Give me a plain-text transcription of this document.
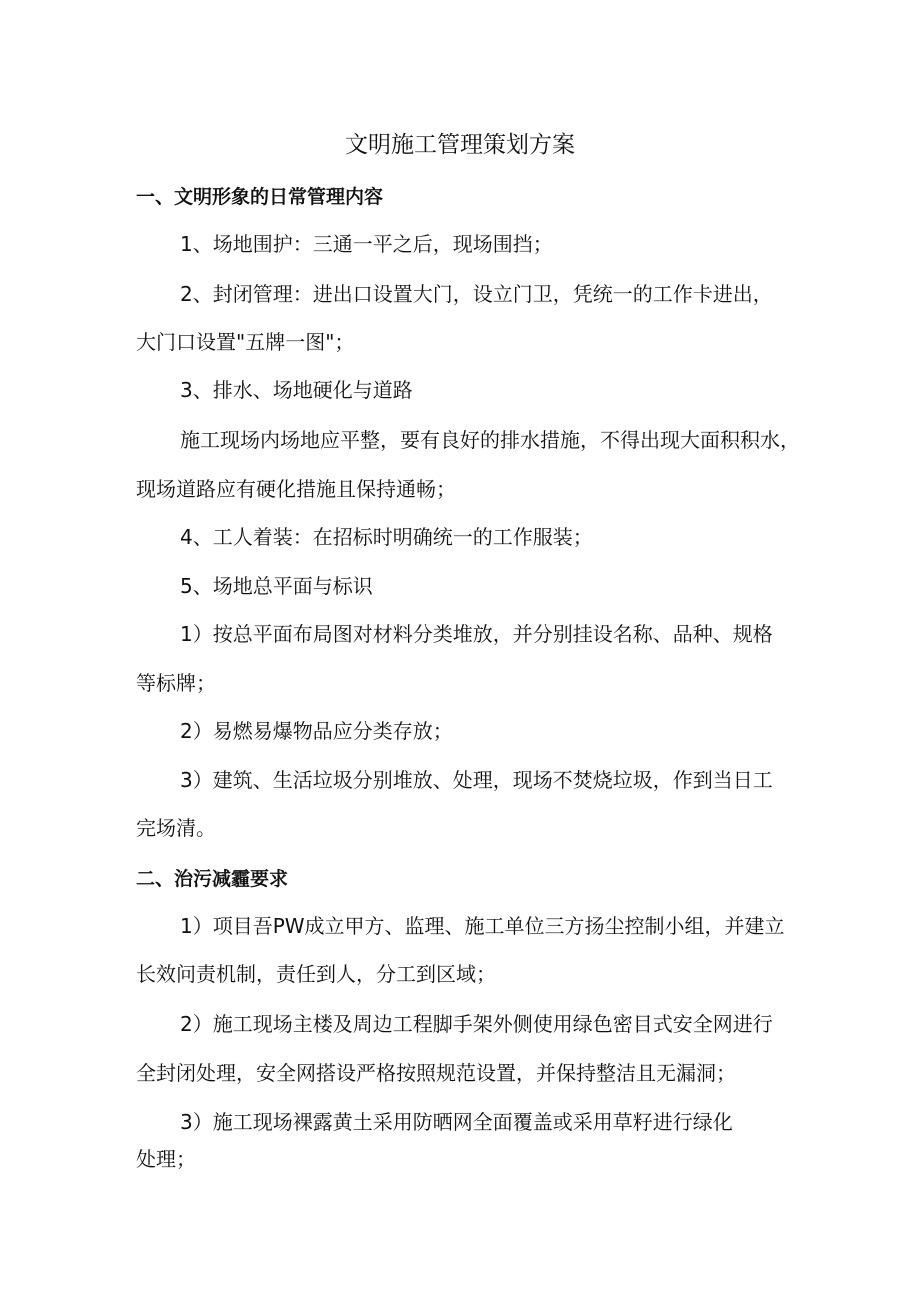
文明施工管理策划方案
一、文明形象的日常管理内容
1、场地围护：三通一平之后，现场围挡；
2、封闭管理：进出口设置大门，设立门卫，凭统一的工作卡进出，
大门口设置"五牌一图"；
3、排水、场地硬化与道路
施工现场内场地应平整，要有良好的排水措施，不得出现大面积积水，
现场道路应有硬化措施且保持通畅；
4、工人着装：在招标时明确统一的工作服装；
5、场地总平面与标识
1）按总平面布局图对材料分类堆放，并分别挂设名称、品种、规格
等标牌；
2）易燃易爆物品应分类存放；
3）建筑、生活垃圾分别堆放、处理，现场不焚烧垃圾，作到当日工
完场清。
二、治污减霾要求
1）项目吾PW成立甲方、监理、施工单位三方扬尘控制小组，并建立
长效问责机制，责任到人，分工到区域；
2）施工现场主楼及周边工程脚手架外侧使用绿色密目式安全网进行
全封闭处理，安全网搭设严格按照规范设置，并保持整洁且无漏洞；
3）施工现场裸露黄土采用防晒网全面覆盖或采用草籽进行绿化
处理；
